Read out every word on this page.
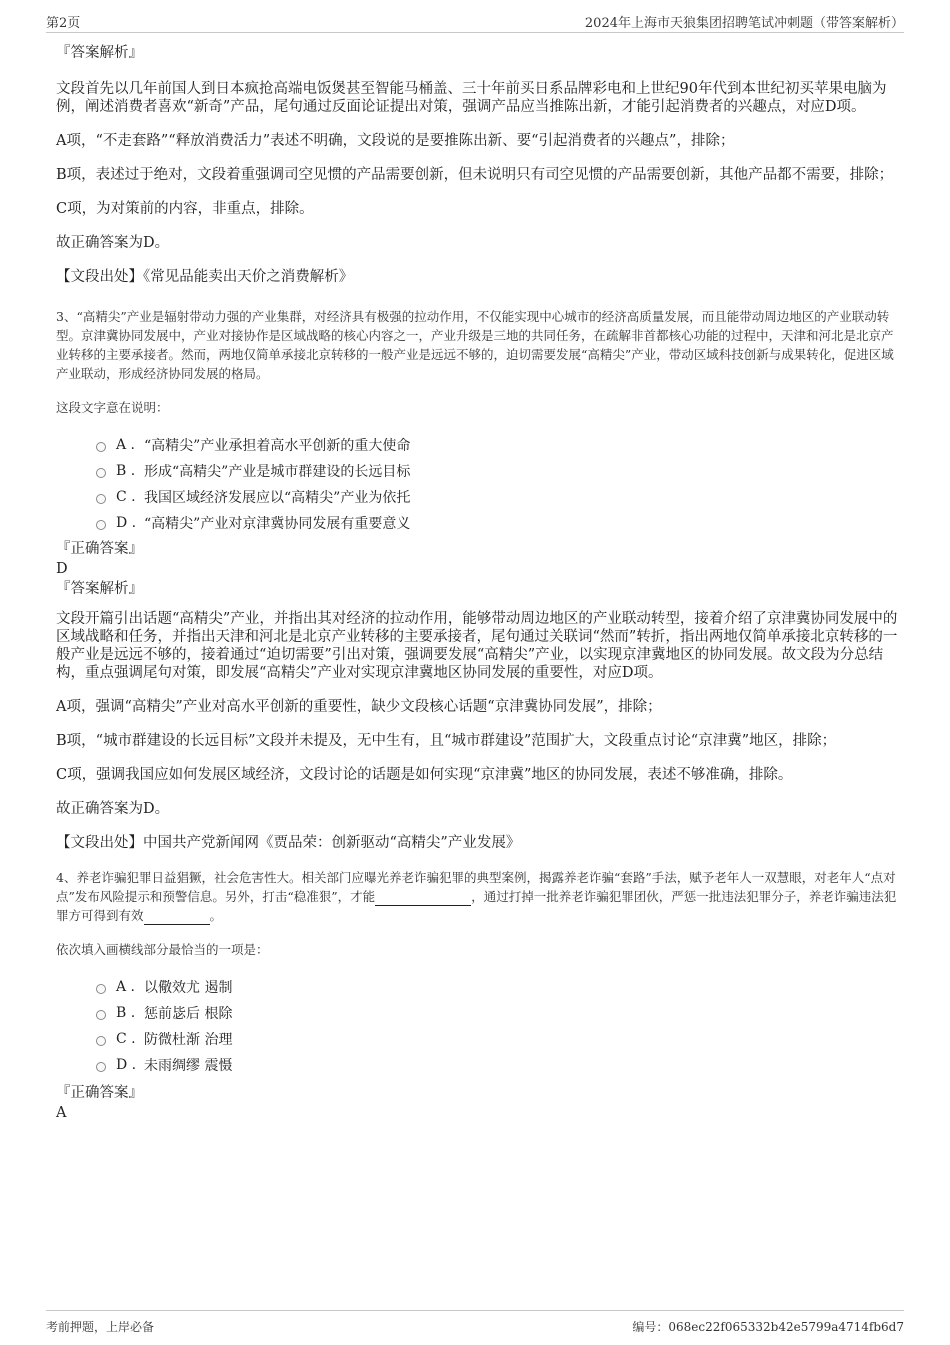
第2页	2024年上海市天狼集团招聘笔试冲刺题（带答案解析）
『答案解析』

文段首先以几年前国人到日本疯抢高端电饭煲甚至智能马桶盖、三十年前买日系品牌彩电和上世纪90年代到本世纪初买苹果电脑为例，阐述消费者喜欢“新奇”产品，尾句通过反面论证提出对策，强调产品应当推陈出新，才能引起消费者的兴趣点，对应D项。

A项，“不走套路”“释放消费活力”表述不明确，文段说的是要推陈出新、要“引起消费者的兴趣点”，排除；

B项，表述过于绝对，文段着重强调司空见惯的产品需要创新，但未说明只有司空见惯的产品需要创新，其他产品都不需要，排除；

C项，为对策前的内容，非重点，排除。

故正确答案为D。

【文段出处】《常见品能卖出天价之消费解析》

3、“高精尖”产业是辐射带动力强的产业集群，对经济具有极强的拉动作用，不仅能实现中心城市的经济高质量发展，而且能带动周边地区的产业联动转型。京津冀协同发展中，产业对接协作是区域战略的核心内容之一，产业升级是三地的共同任务，在疏解非首都核心功能的过程中，天津和河北是北京产业转移的主要承接者。然而，两地仅简单承接北京转移的一般产业是远远不够的，迫切需要发展“高精尖”产业，带动区域科技创新与成果转化，促进区域产业联动，形成经济协同发展的格局。

这段文字意在说明：

A . “高精尖”产业承担着高水平创新的重大使命
B . 形成“高精尖”产业是城市群建设的长远目标
C . 我国区域经济发展应以“高精尖”产业为依托
D . “高精尖”产业对京津冀协同发展有重要意义
『正确答案』
D
『答案解析』

文段开篇引出话题“高精尖”产业，并指出其对经济的拉动作用，能够带动周边地区的产业联动转型，接着介绍了京津冀协同发展中的区域战略和任务，并指出天津和河北是北京产业转移的主要承接者，尾句通过关联词“然而”转折，指出两地仅简单承接北京转移的一般产业是远远不够的，接着通过“迫切需要”引出对策，强调要发展“高精尖”产业，以实现京津冀地区的协同发展。故文段为分总结构，重点强调尾句对策，即发展“高精尖”产业对实现京津冀地区协同发展的重要性，对应D项。

A项，强调“高精尖”产业对高水平创新的重要性，缺少文段核心话题“京津冀协同发展”，排除；

B项，“城市群建设的长远目标”文段并未提及，无中生有，且“城市群建设”范围扩大，文段重点讨论“京津冀”地区，排除；

C项，强调我国应如何发展区域经济，文段讨论的话题是如何实现“京津冀”地区的协同发展，表述不够准确，排除。

故正确答案为D。

【文段出处】中国共产党新闻网《贾品荣：创新驱动“高精尖”产业发展》

4、养老诈骗犯罪日益猖獗，社会危害性大。相关部门应曝光养老诈骗犯罪的典型案例，揭露养老诈骗“套路”手法，赋予老年人一双慧眼，对老年人“点对点”发布风险提示和预警信息。另外，打击“稳准狠”，才能	，通过打掉一批养老诈骗犯罪团伙，严惩一批违法犯罪分子，养老诈骗违法犯罪方可得到有效	。

依次填入画横线部分最恰当的一项是：

A . 以儆效尤 遏制
B . 惩前毖后 根除
C . 防微杜渐 治理
D . 未雨绸缪 震慑
『正确答案』
A
考前押题，上岸必备	编号：068ec22f065332b42e5799a4714fb6d7
